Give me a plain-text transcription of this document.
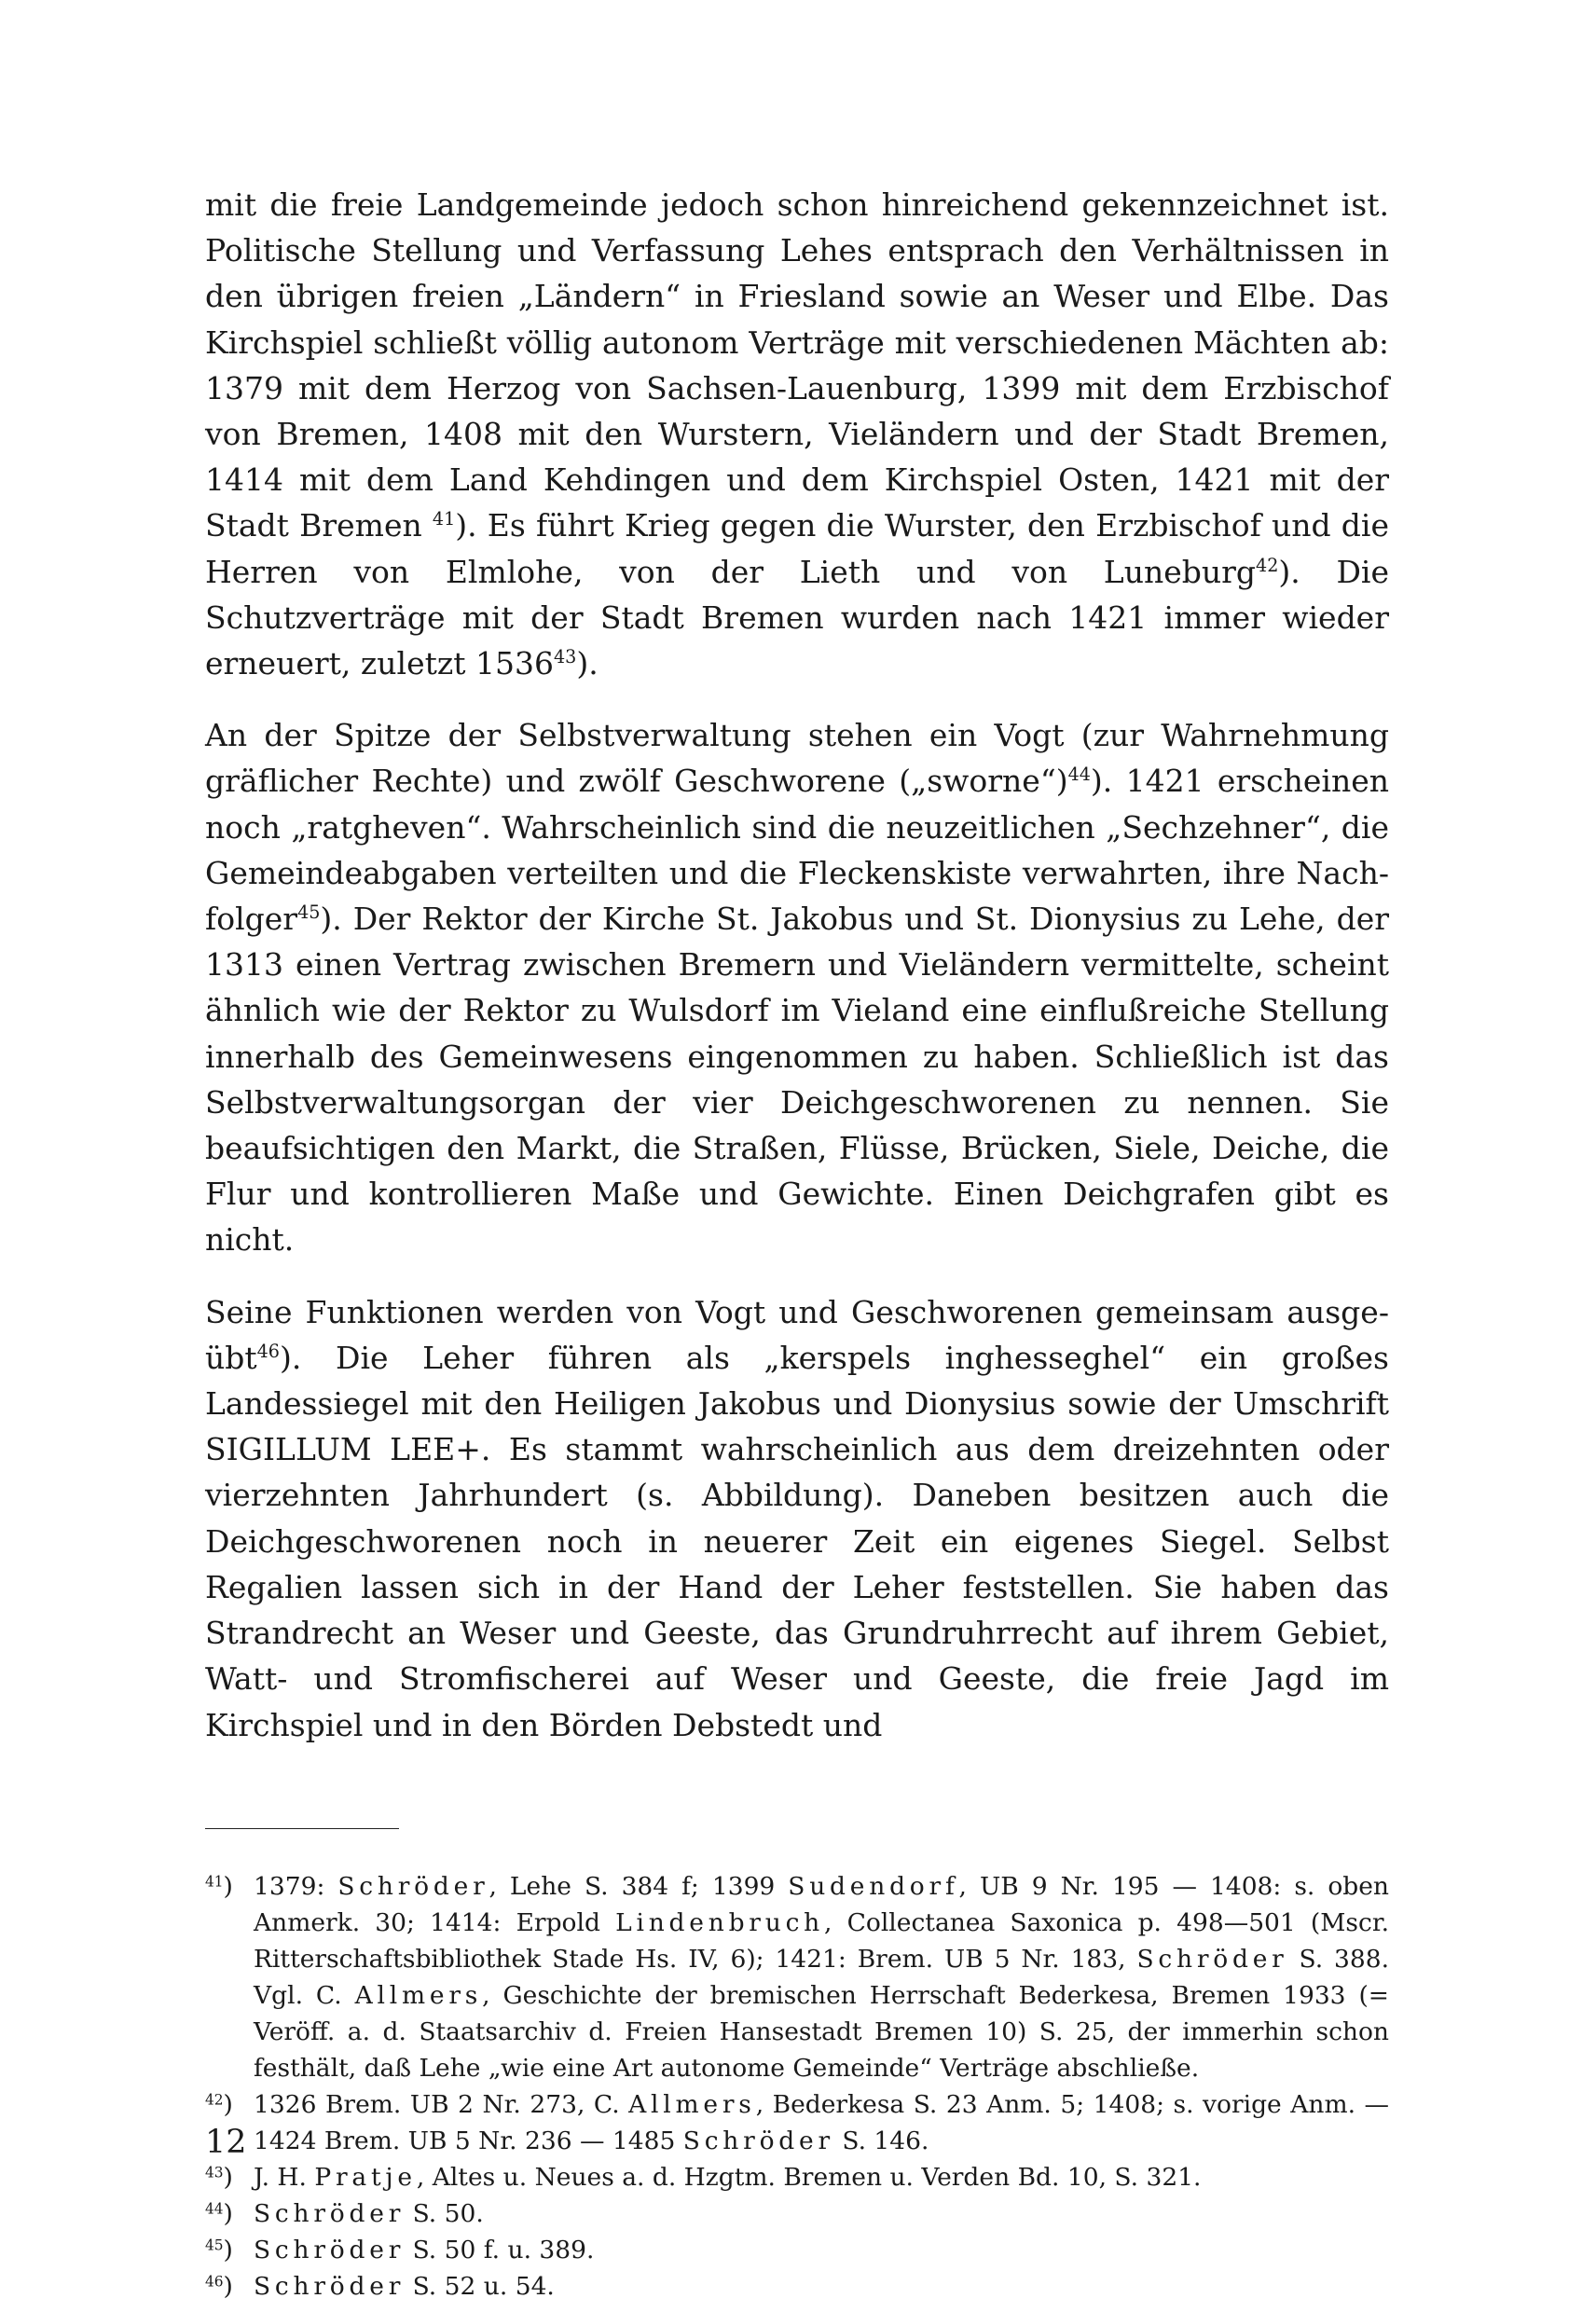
mit die freie Landgemeinde jedoch schon hinreichend gekennzeichnet ist. Politische Stellung und Verfassung Lehes entsprach den Verhältnissen in den übrigen freien „Ländern“ in Friesland sowie an Weser und Elbe. Das Kirchspiel schließt völlig autonom Verträge mit verschiedenen Mächten ab: 1379 mit dem Herzog von Sachsen-Lauenburg, 1399 mit dem Erzbischof von Bremen, 1408 mit den Wurstern, Vieländern und der Stadt Bremen, 1414 mit dem Land Kehdingen und dem Kirchspiel Osten, 1421 mit der Stadt Bremen $^{41}$). Es führt Krieg gegen die Wurster, den Erzbischof und die Herren von Elmlohe, von der Lieth und von Luneburg$^{42}$). Die Schutzverträge mit der Stadt Bremen wurden nach 1421 immer wieder erneuert, zuletzt 1536$^{43}$).

An der Spitze der Selbstverwaltung stehen ein Vogt (zur Wahrnehmung gräflicher Rechte) und zwölf Geschworene („sworne“)$^{44}$). 1421 erscheinen noch „ratgheven“. Wahrscheinlich sind die neuzeitlichen „Sechzehner“, die Gemeindeabgaben verteilten und die Fleckenskiste verwahrten, ihre Nachfolger$^{45}$). Der Rektor der Kirche St. Jakobus und St. Dionysius zu Lehe, der 1313 einen Vertrag zwischen Bremern und Vieländern vermittelte, scheint ähnlich wie der Rektor zu Wulsdorf im Vieland eine einflußreiche Stellung innerhalb des Gemeinwesens eingenommen zu haben. Schließlich ist das Selbstverwaltungsorgan der vier Deichgeschworenen zu nennen. Sie beaufsichtigen den Markt, die Straßen, Flüsse, Brücken, Siele, Deiche, die Flur und kontrollieren Maße und Gewichte. Einen Deichgrafen gibt es nicht.

Seine Funktionen werden von Vogt und Geschworenen gemeinsam ausgeübt$^{46}$). Die Leher führen als „kerspels inghesseghel“ ein großes Landessiegel mit den Heiligen Jakobus und Dionysius sowie der Umschrift SIGILLUM LEE+. Es stammt wahrscheinlich aus dem dreizehnten oder vierzehnten Jahrhundert (s. Abbildung). Daneben besitzen auch die Deichgeschworenen noch in neuerer Zeit ein eigenes Siegel. Selbst Regalien lassen sich in der Hand der Leher feststellen. Sie haben das Strandrecht an Weser und Geeste, das Grundruhrrecht auf ihrem Gebiet, Watt- und Stromfischerei auf Weser und Geeste, die freie Jagd im Kirchspiel und in den Börden Debstedt und

$^{41}$) 1379: Schröder, Lehe S. 384 f; 1399 Sudendorf, UB 9 Nr. 195 — 1408: s. oben Anmerk. 30; 1414: Erpold Lindenbruch, Collectanea Saxonica p. 498—501 (Mscr. Ritterschaftsbibliothek Stade Hs. IV, 6); 1421: Brem. UB 5 Nr. 183, Schröder S. 388. Vgl. C. Allmers, Geschichte der bremischen Herrschaft Bederkesa, Bremen 1933 (= Veröff. a. d. Staatsarchiv d. Freien Hansestadt Bremen 10) S. 25, der immerhin schon festhält, daß Lehe „wie eine Art autonome Gemeinde“ Verträge abschließe.
$^{42}$) 1326 Brem. UB 2 Nr. 273, C. Allmers, Bederkesa S. 23 Anm. 5; 1408; s. vorige Anm. — 1424 Brem. UB 5 Nr. 236 — 1485 Schröder S. 146.
$^{43}$) J. H. Pratje, Altes u. Neues a. d. Hzgtm. Bremen u. Verden Bd. 10, S. 321.
$^{44}$) Schröder S. 50.
$^{45}$) Schröder S. 50 f. u. 389.
$^{46}$) Schröder S. 52 u. 54.
12
